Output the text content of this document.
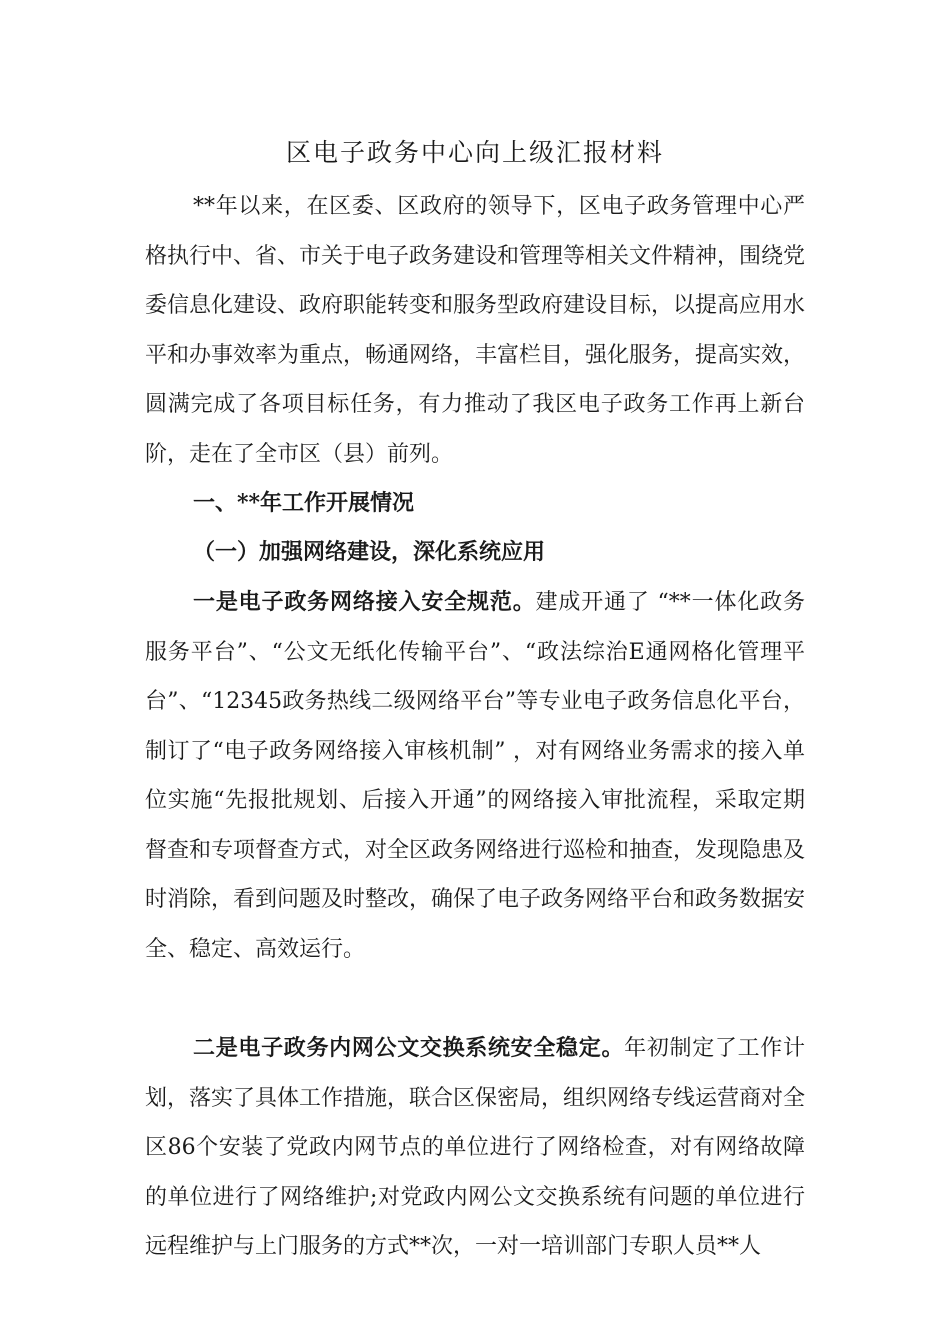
区电子政务中心向上级汇报材料
**年以来，在区委、区政府的领导下，区电子政务管理中心严格执行中、省、市关于电子政务建设和管理等相关文件精神，围绕党委信息化建设、政府职能转变和服务型政府建设目标，以提高应用水平和办事效率为重点，畅通网络，丰富栏目，强化服务，提高实效，圆满完成了各项目标任务，有力推动了我区电子政务工作再上新台阶，走在了全市区（县）前列。
一、**年工作开展情况
（一）加强网络建设，深化系统应用
一是电子政务网络接入安全规范。建成开通了 “**一体化政务服务平台”、“公文无纸化传输平台”、“政法综治E通网格化管理平台”、“12345政务热线二级网络平台”等专业电子政务信息化平台，制订了“电子政务网络接入审核机制” ，对有网络业务需求的接入单位实施“先报批规划、后接入开通”的网络接入审批流程，采取定期督查和专项督查方式，对全区政务网络进行巡检和抽查，发现隐患及时消除，看到问题及时整改，确保了电子政务网络平台和政务数据安全、稳定、高效运行。
二是电子政务内网公文交换系统安全稳定。年初制定了工作计划，落实了具体工作措施，联合区保密局，组织网络专线运营商对全区86个安装了党政内网节点的单位进行了网络检查，对有网络故障的单位进行了网络维护;对党政内网公文交换系统有问题的单位进行远程维护与上门服务的方式**次，一对一培训部门专职人员**人
